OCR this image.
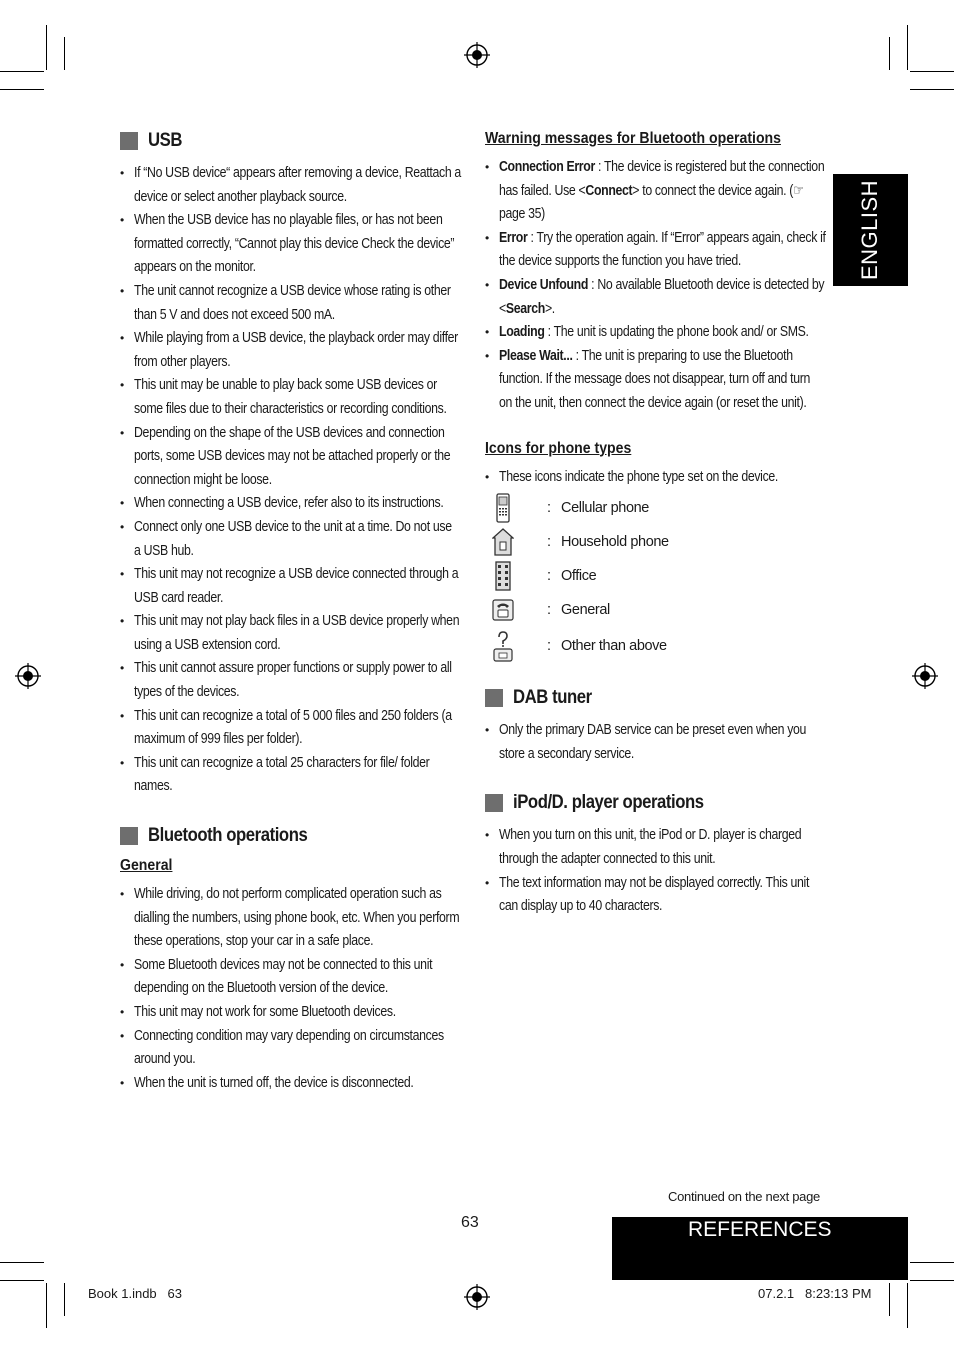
USB
• If “No USB device“ appears after removing a device, Reattach a device or select another playback source.
• When the USB device has no playable files, or has not been formatted correctly, “Cannot play this device Check the device” appears on the monitor.
• The unit cannot recognize a USB device whose rating is other than 5 V and does not exceed 500 mA.
• While playing from a USB device, the playback order may differ from other players.
• This unit may be unable to play back some USB devices or some files due to their characteristics or recording conditions.
• Depending on the shape of the USB devices and connection ports, some USB devices may not be attached properly or the connection might be loose.
• When connecting a USB device, refer also to its instructions.
• Connect only one USB device to the unit at a time. Do not use a USB hub.
• This unit may not recognize a USB device connected through a USB card reader.
• This unit may not play back files in a USB device properly when using a USB extension cord.
• This unit cannot assure proper functions or supply power to all types of the devices.
• This unit can recognize a total of 5 000 files and 250 folders (a maximum of 999 files per folder).
• This unit can recognize a total 25 characters for file/ folder names.
Bluetooth operations
General
• While driving, do not perform complicated operation such as dialling the numbers, using phone book, etc. When you perform these operations, stop your car in a safe place.
• Some Bluetooth devices may not be connected to this unit depending on the Bluetooth version of the device.
• This unit may not work for some Bluetooth devices.
• Connecting condition may vary depending on circumstances around you.
• When the unit is turned off, the device is disconnected.
Warning messages for Bluetooth operations
• Connection Error : The device is registered but the connection has failed. Use <Connect> to connect the device again. (☞ page 35)
• Error : Try the operation again. If “Error” appears again, check if the device supports the function you have tried.
• Device Unfound : No available Bluetooth device is detected by <Search>.
• Loading : The unit is updating the phone book and/ or SMS.
• Please Wait... : The unit is preparing to use the Bluetooth function. If the message does not disappear, turn off and turn on the unit, then connect the device again (or reset the unit).
Icons for phone types
• These icons indicate the phone type set on the device.
: Cellular phone
: Household phone
: Office
: General
: Other than above
DAB tuner
• Only the primary DAB service can be preset even when you store a secondary service.
iPod/D. player operations
• When you turn on this unit, the iPod or D. player is charged through the adapter connected to this unit.
• The text information may not be displayed correctly. This unit can display up to 40 characters.
ENGLISH
Continued on the next page
63	REFERENCES
Book 1.indb   63	07.2.1   8:23:13 PM
